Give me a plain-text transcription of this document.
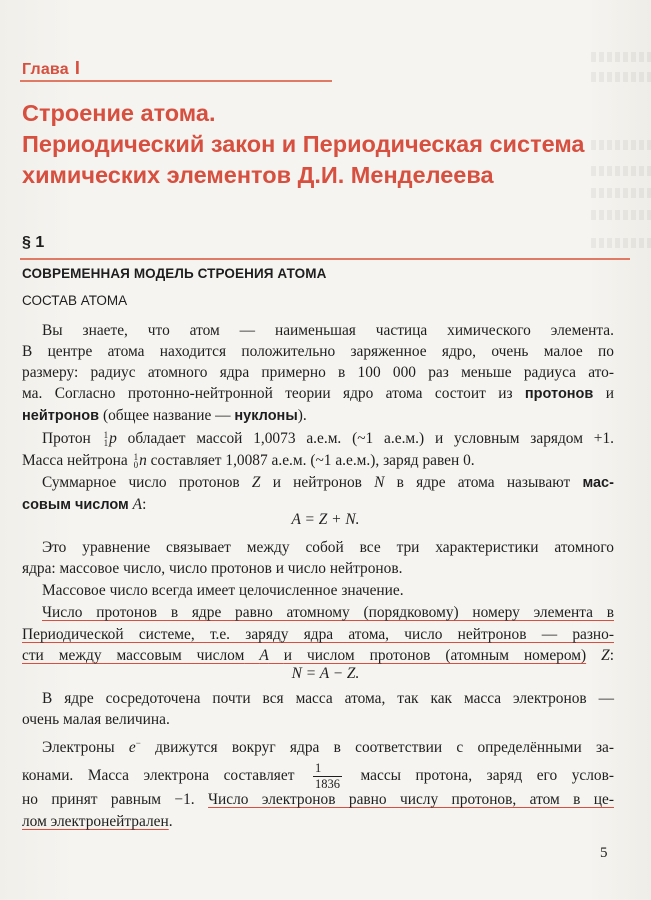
Глава I
Строение атома.
Периодический закон и Периодическая система
химических элементов Д.И. Менделеева
§ 1
СОВРЕМЕННАЯ МОДЕЛЬ СТРОЕНИЯ АТОМА
СОСТАВ АТОМА
Вы знаете, что атом — наименьшая частица химического элемента.
В центре атома находится положительно заряженное ядро, очень малое по
размеру: радиус атомного ядра примерно в 100 000 раз меньше радиуса ато-
ма. Согласно протонно-нейтронной теории ядро атома состоит из протонов и
нейтронов (общее название — нуклоны).
Протон 1
1 p обладает массой 1,0073 а.е.м. (~1 а.е.м.) и условным зарядом +1.
Масса нейтрона 1
0 n составляет 1,0087 а.е.м. (~1 а.е.м.), заряд равен 0.
Суммарное число протонов Z и нейтронов N в ядре атома называют мас-
совым числом A:
A = Z + N.
Это уравнение связывает между собой все три характеристики атомного
ядра: массовое число, число протонов и число нейтронов.
Массовое число всегда имеет целочисленное значение.
Число протонов в ядре равно атомному (порядковому) номеру элемента в
Периодической системе, т.е. заряду ядра атома, число нейтронов — разно-
сти между массовым числом A и числом протонов (атомным номером) Z:
N = A − Z.
В ядре сосредоточена почти вся масса атома, так как масса электронов —
очень малая величина.
Электроны e− движутся вокруг ядра в соответствии с определёнными за-
конами. Масса электрона составляет $\frac{1}{1836}$ массы протона, заряд его услов-
но принят равным −1. Число электронов равно числу протонов, атом в це-
лом электронейтрален.
5
